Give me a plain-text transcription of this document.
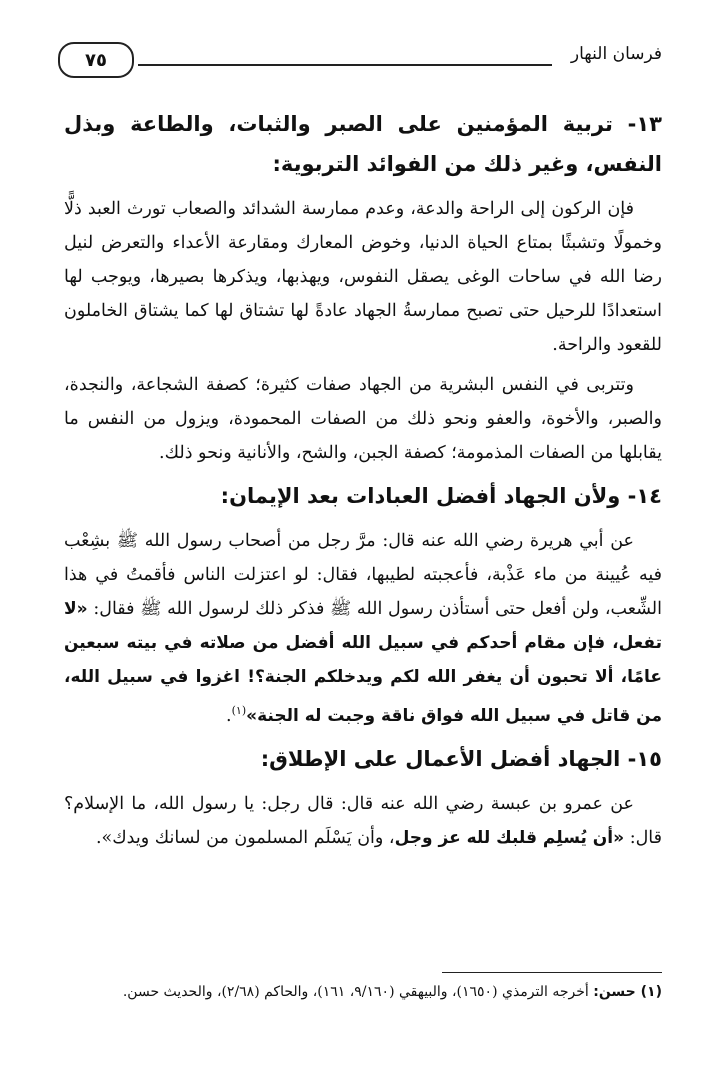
٧٥	فرسان النهار
١٣- تربية المؤمنين على الصبر والثبات، والطاعة وبذل النفس، وغير ذلك من الفوائد التربوية:

فإن الركون إلى الراحة والدعة، وعدم ممارسة الشدائد والصعاب تورث العبد ذلًّا وخمولًا وتشبثًا بمتاع الحياة الدنيا، وخوض المعارك ومقارعة الأعداء والتعرض لنيل رضا الله في ساحات الوغى يصقل النفوس، ويهذبها، ويذكرها بصيرها، ويوجب لها استعدادًا للرحيل حتى تصبح ممارسةُ الجهاد عادةً لها تشتاق لها كما يشتاق الخاملون للقعود والراحة.

وتتربى في النفس البشرية من الجهاد صفات كثيرة؛ كصفة الشجاعة، والنجدة، والصبر، والأخوة، والعفو ونحو ذلك من الصفات المحمودة، ويزول من النفس ما يقابلها من الصفات المذمومة؛ كصفة الجبن، والشح، والأنانية ونحو ذلك.

١٤- ولأن الجهاد أفضل العبادات بعد الإيمان:

عن أبي هريرة رضي الله عنه قال: مرَّ رجل من أصحاب رسول الله ﷺ بشِعْب فيه عُيينة من ماء عَذْبة، فأعجبته لطيبها، فقال: لو اعتزلت الناس فأقمتُ في هذا الشِّعب، ولن أفعل حتى أستأذن رسول الله ﷺ فذكر ذلك لرسول الله ﷺ فقال: «لا تفعل، فإن مقام أحدكم في سبيل الله أفضل من صلاته في بيته سبعين عامًا، ألا تحبون أن يغفر الله لكم ويدخلكم الجنة؟! اغزوا في سبيل الله، من قاتل في سبيل الله فواق ناقة وجبت له الجنة»$^{(١)}$.

١٥- الجهاد أفضل الأعمال على الإطلاق:

عن عمرو بن عبسة رضي الله عنه قال: قال رجل: يا رسول الله، ما الإسلام؟ قال: «أن يُسلِم قلبك لله عز وجل، وأن يَسْلَم المسلمون من لسانك ويدك».

(١) حسن: أخرجه الترمذي (١٦٥٠)، والبيهقي (٩/١٦٠، ١٦١)، والحاكم (٢/٦٨)، والحديث حسن.
